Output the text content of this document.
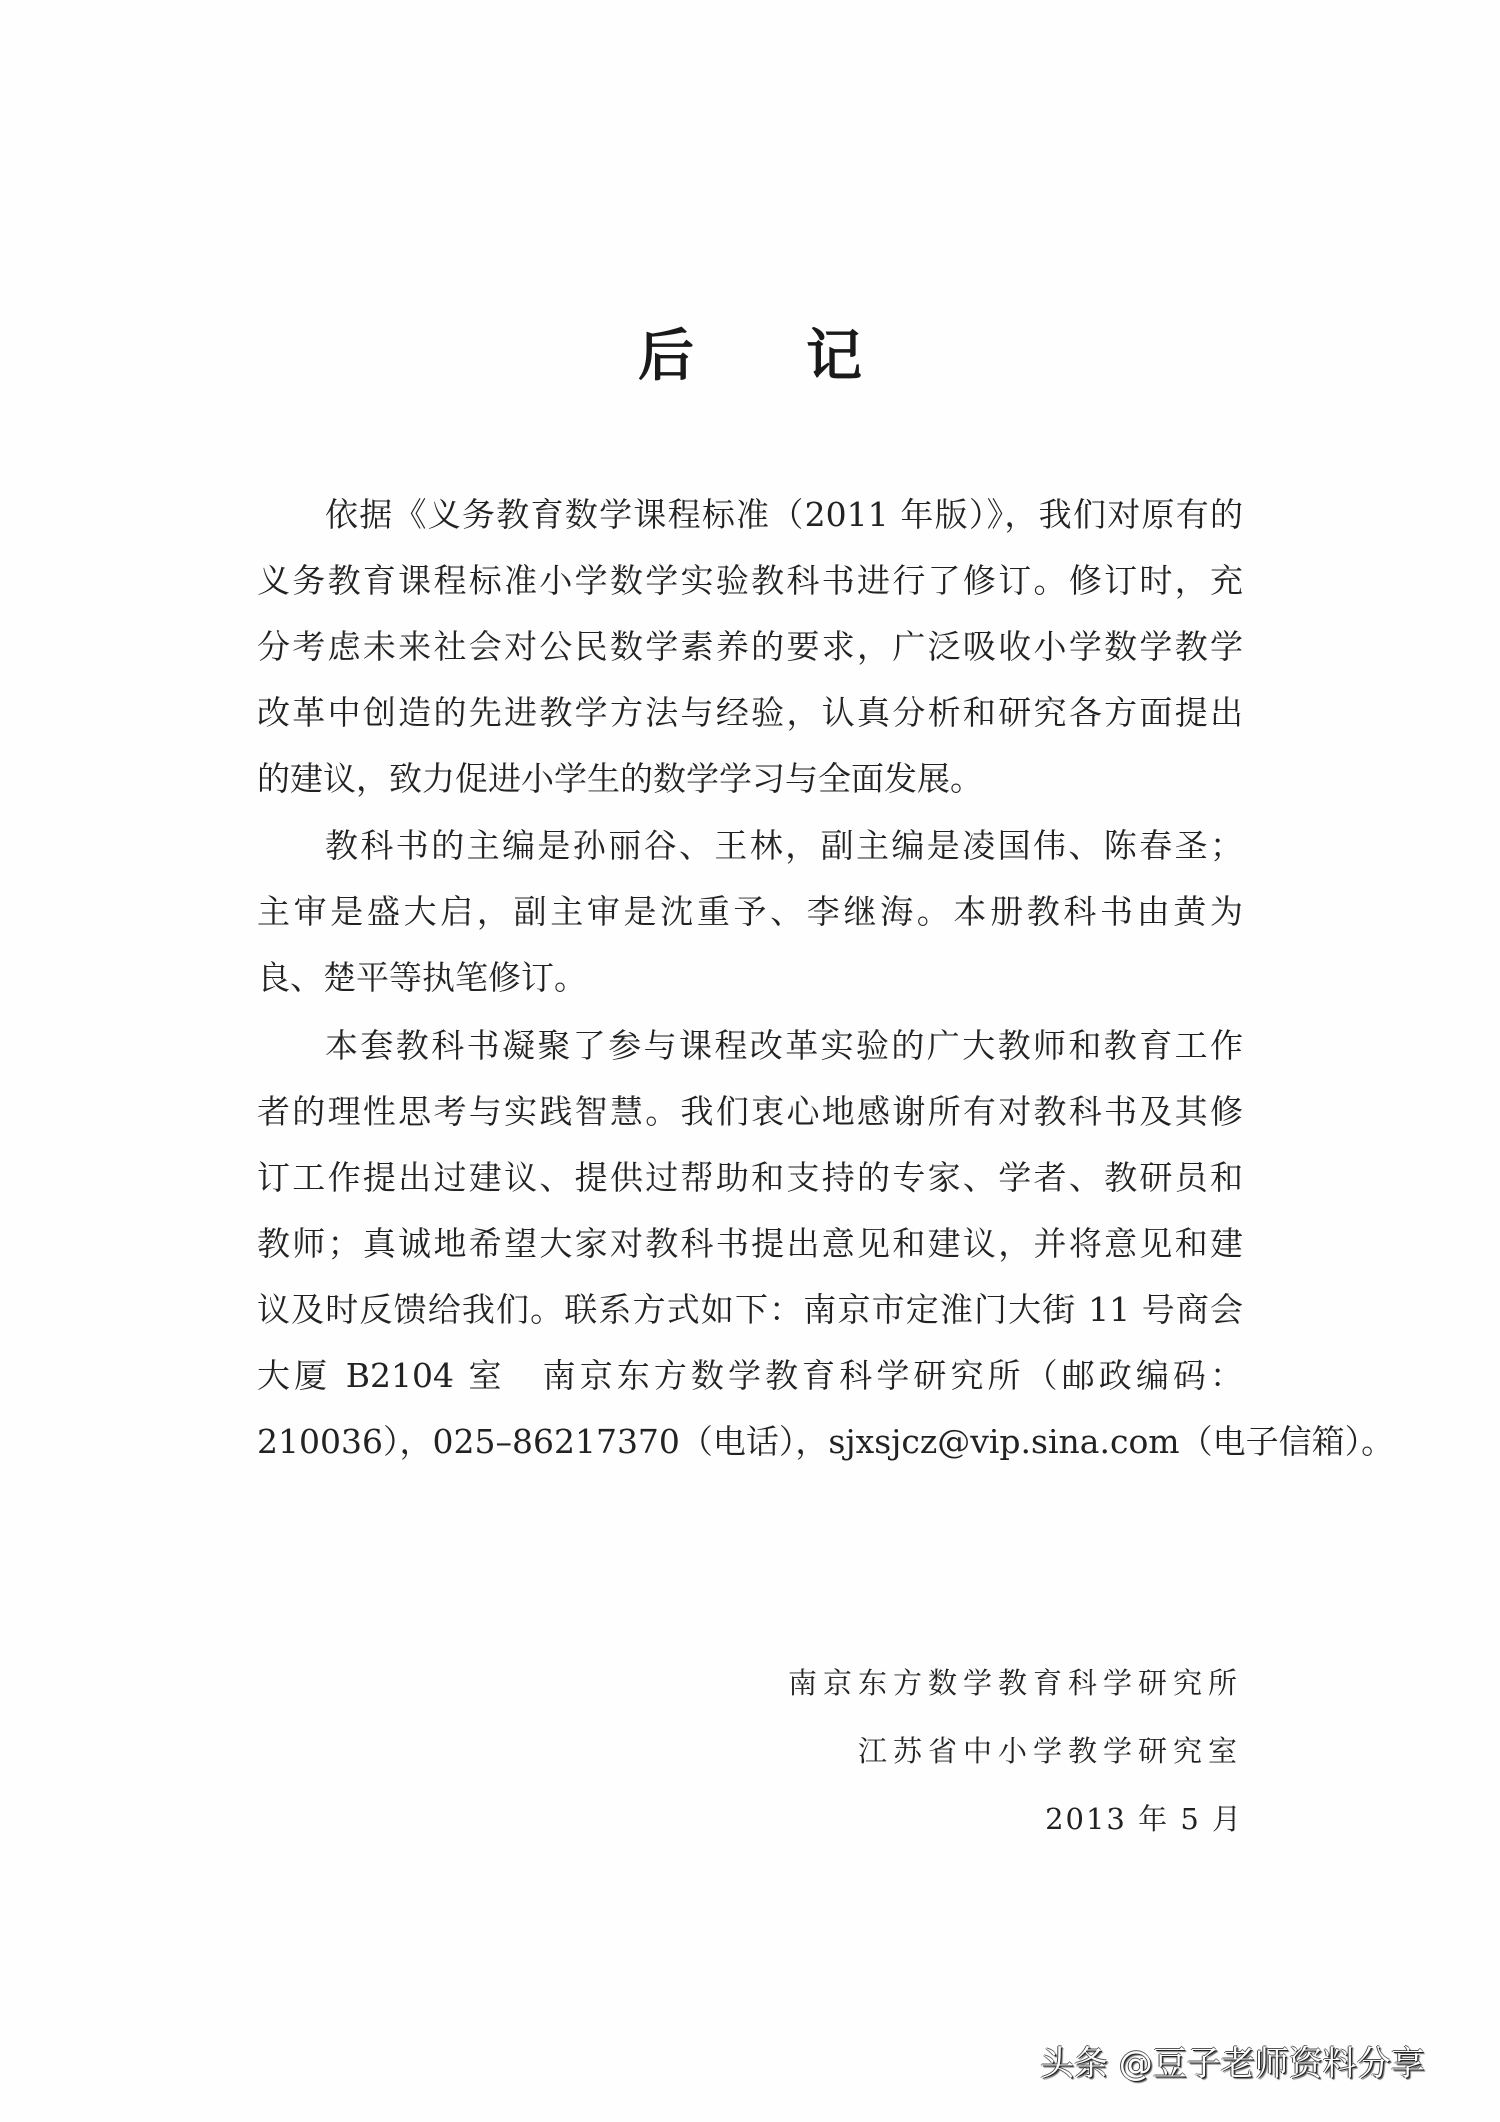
后 记
依据《义务教育数学课程标准（2011 年版）》，我们对原有的
义务教育课程标准小学数学实验教科书进行了修订。修订时，充
分考虑未来社会对公民数学素养的要求，广泛吸收小学数学教学
改革中创造的先进教学方法与经验，认真分析和研究各方面提出
的建议，致力促进小学生的数学学习与全面发展。
教科书的主编是孙丽谷、王林，副主编是凌国伟、陈春圣；
主审是盛大启，副主审是沈重予、李继海。本册教科书由黄为
良、楚平等执笔修订。
本套教科书凝聚了参与课程改革实验的广大教师和教育工作
者的理性思考与实践智慧。我们衷心地感谢所有对教科书及其修
订工作提出过建议、提供过帮助和支持的专家、学者、教研员和
教师；真诚地希望大家对教科书提出意见和建议，并将意见和建
议及时反馈给我们。联系方式如下：南京市定淮门大街 11 号商会
大厦 B2104 室　南京东方数学教育科学研究所（邮政编码：
210036），025–86217370（电话），sjxsjcz@vip.sina.com（电子信箱）。
南京东方数学教育科学研究所
江苏省中小学教学研究室
2013 年 5 月
头条 @豆子老师资料分享
